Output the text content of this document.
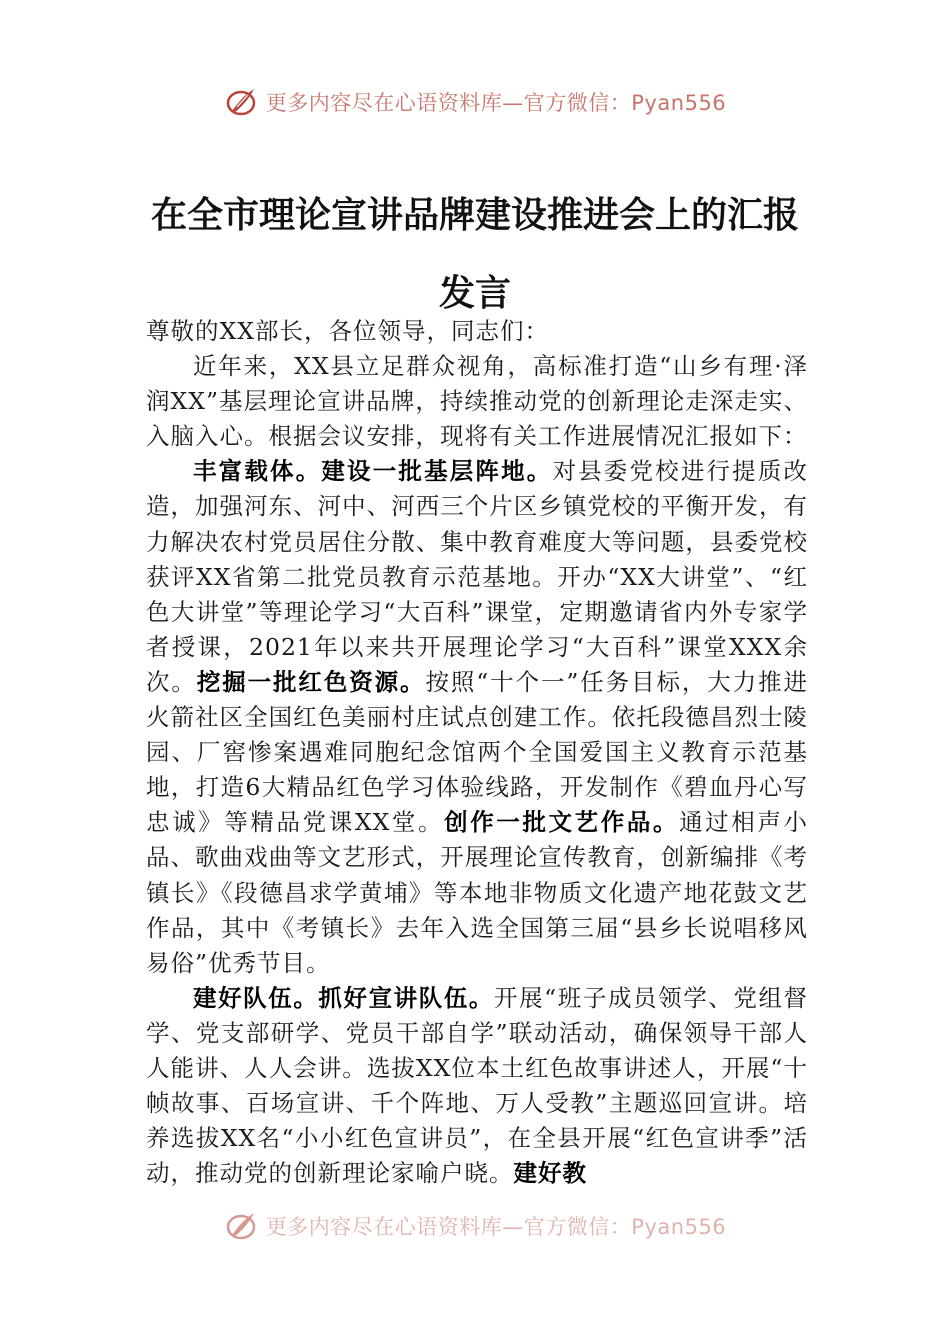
更多内容尽在心语资料库—官方微信：Pyan556
在全市理论宣讲品牌建设推进会上的汇报
发言

尊敬的XX部长，各位领导，同志们：

近年来，XX县立足群众视角，高标准打造“山乡有理·泽润XX”基层理论宣讲品牌，持续推动党的创新理论走深走实、入脑入心。根据会议安排，现将有关工作进展情况汇报如下：

丰富载体。建设一批基层阵地。对县委党校进行提质改造，加强河东、河中、河西三个片区乡镇党校的平衡开发，有力解决农村党员居住分散、集中教育难度大等问题，县委党校获评XX省第二批党员教育示范基地。开办“XX大讲堂”、“红色大讲堂”等理论学习“大百科”课堂，定期邀请省内外专家学者授课，2021年以来共开展理论学习“大百科”课堂XXX余次。挖掘一批红色资源。按照“十个一”任务目标，大力推进火箭社区全国红色美丽村庄试点创建工作。依托段德昌烈士陵园、厂窖惨案遇难同胞纪念馆两个全国爱国主义教育示范基地，打造6大精品红色学习体验线路，开发制作《碧血丹心写忠诚》等精品党课XX堂。创作一批文艺作品。通过相声小品、歌曲戏曲等文艺形式，开展理论宣传教育，创新编排《考镇长》《段德昌求学黄埔》等本地非物质文化遗产地花鼓文艺作品，其中《考镇长》去年入选全国第三届“县乡长说唱移风易俗”优秀节目。

建好队伍。抓好宣讲队伍。开展“班子成员领学、党组督学、党支部研学、党员干部自学”联动活动，确保领导干部人人能讲、人人会讲。选拔XX位本土红色故事讲述人，开展“十帧故事、百场宣讲、千个阵地、万人受教”主题巡回宣讲。培养选拔XX名“小小红色宣讲员”，在全县开展“红色宣讲季”活动，推动党的创新理论家喻户晓。建好教

更多内容尽在心语资料库—官方微信：Pyan556
